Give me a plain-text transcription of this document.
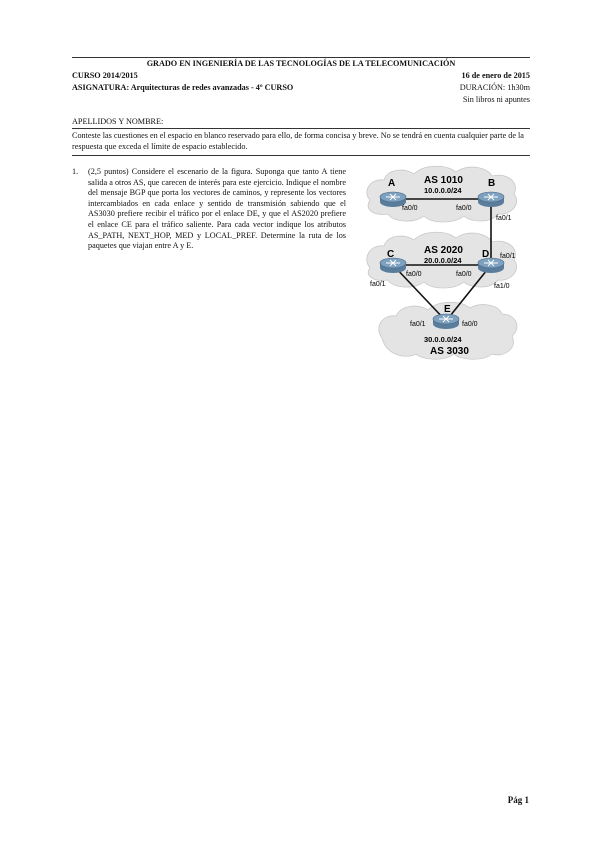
GRADO EN INGENIERÍA DE LAS TECNOLOGÍAS DE LA TELECOMUNICACIÓN
CURSO 2014/2015	16 de enero de 2015
ASIGNATURA: Arquitecturas de redes avanzadas - 4º CURSO	DURACIÓN: 1h30m
Sin libros ni apuntes
APELLIDOS Y NOMBRE:
Conteste las cuestiones en el espacio en blanco reservado para ello, de forma concisa y breve. No se tendrá en cuenta cualquier parte de la respuesta que exceda el límite de espacio establecido.
1. (2,5 puntos) Considere el escenario de la figura. Suponga que tanto A tiene salida a otros AS, que carecen de interés para este ejercicio. Indique el nombre del mensaje BGP que porta los vectores de caminos, y represente los vectores intercambiados en cada enlace y sentido de transmisión sabiendo que el AS3030 prefiere recibir el tráfico por el enlace DE, y que el AS2020 prefiere el enlace CE para el tráfico saliente. Para cada vector indique los atributos AS_PATH, NEXT_HOP, MED y LOCAL_PREF. Determine la ruta de los paquetes que viajan entre A y E.
A	B
C	D
E
AS 1010
10.0.0.0/24
AS 2020
20.0.0.0/24
30.0.0.0/24
AS 3030
fa0/0	fa0/0
fa0/1
fa0/0
fa0/1
fa0/0
fa0/1
fa1/0
fa0/1	fa0/0
Pág 1
